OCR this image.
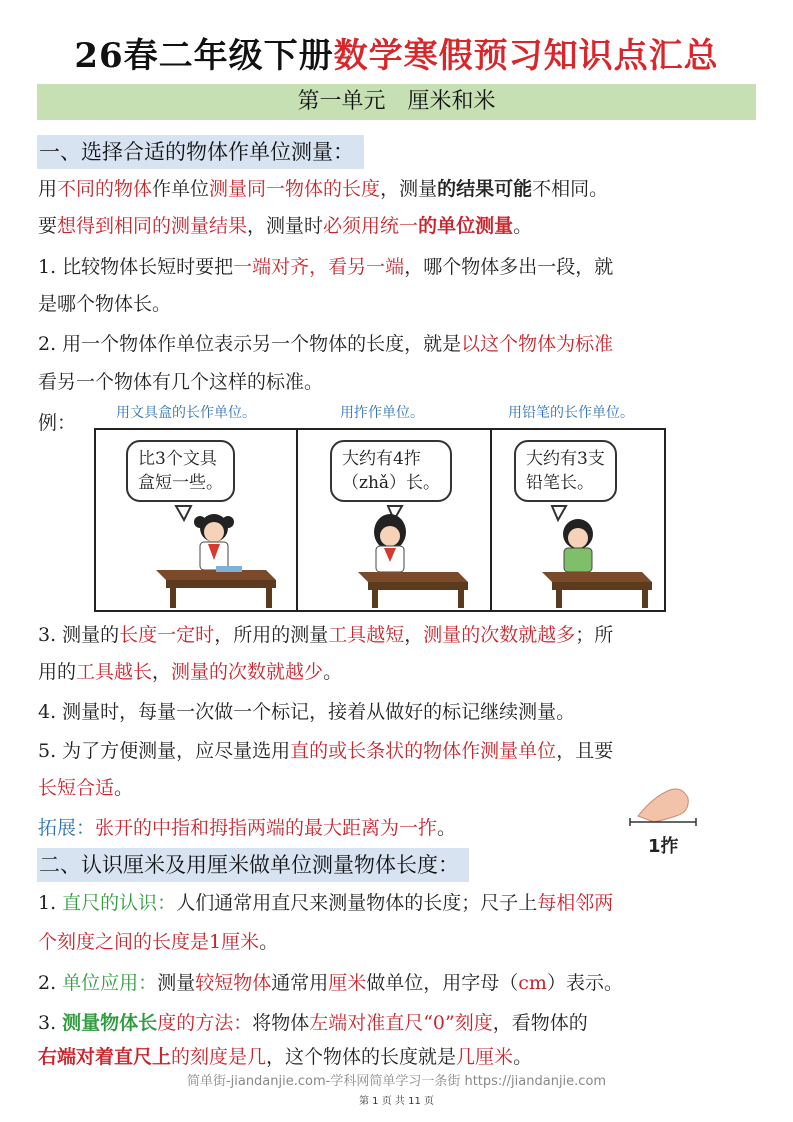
26春二年级下册数学寒假预习知识点汇总
第一单元　厘米和米
一、选择合适的物体作单位测量：
用不同的物体作单位测量同一物体的长度，测量的结果可能不相同。
要想得到相同的测量结果，测量时必须用统一的单位测量。
1. 比较物体长短时要把一端对齐，看另一端，哪个物体多出一段，就
是哪个物体长。
2. 用一个物体作单位表示另一个物体的长度，就是以这个物体为标准
看另一个物体有几个这样的标准。
例：	用文具盒的长作单位。	用拃作单位。	用铅笔的长作单位。
比3个文具
盒短一些。
大约有4拃
（zhǎ）长。
大约有3支
铅笔长。
3. 测量的长度一定时，所用的测量工具越短，测量的次数就越多；所
用的工具越长，测量的次数就越少。
4. 测量时，每量一次做一个标记，接着从做好的标记继续测量。
5. 为了方便测量，应尽量选用直的或长条状的物体作测量单位，且要
长短合适。
拓展：张开的中指和拇指两端的最大距离为一拃。
1拃
二、认识厘米及用厘米做单位测量物体长度：
1. 直尺的认识：人们通常用直尺来测量物体的长度；尺子上每相邻两
个刻度之间的长度是1厘米。
2. 单位应用：测量较短物体通常用厘米做单位，用字母（cm）表示。
3. 测量物体长度的方法：将物体左端对准直尺“0”刻度，看物体的
右端对着直尺上的刻度是几，这个物体的长度就是几厘米。
简单街-jiandanjie.com-学科网简单学习一条街 https://jiandanjie.com
第 1 页 共 11 页
